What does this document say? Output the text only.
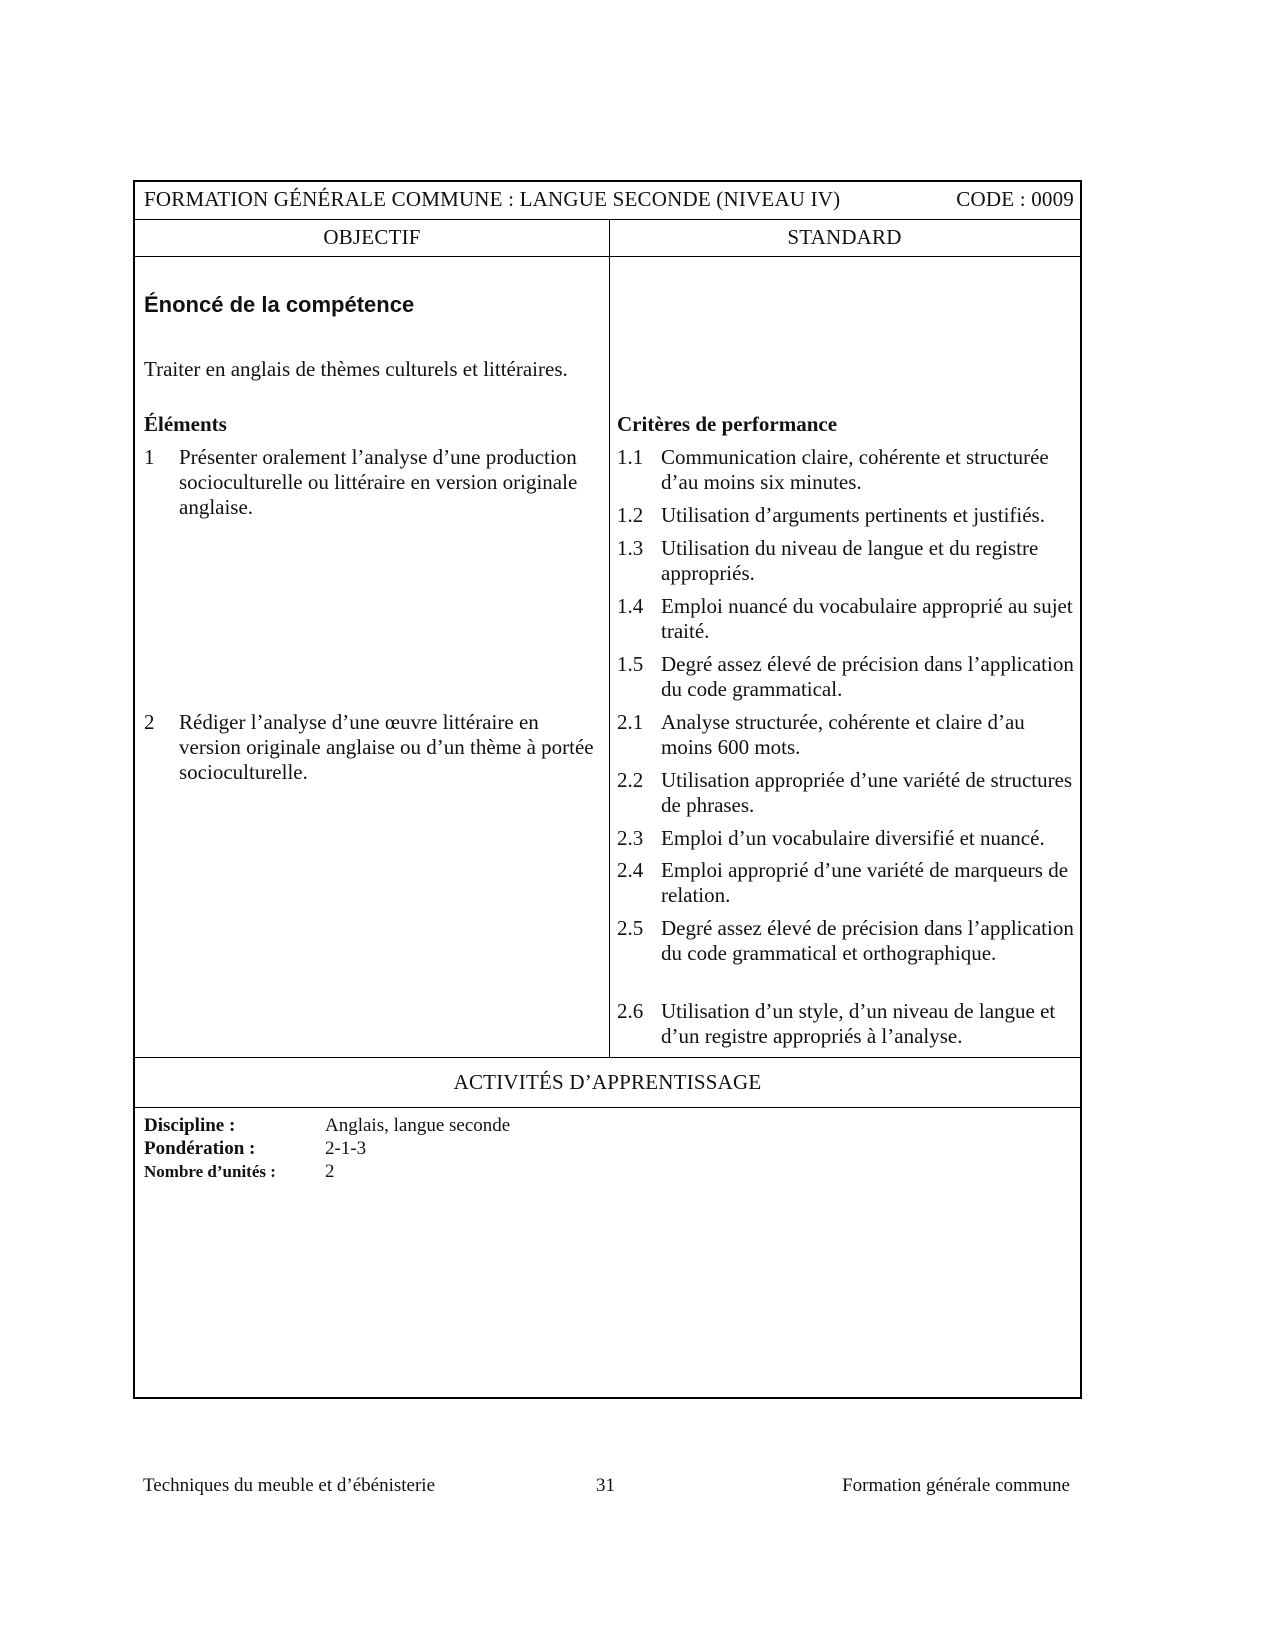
FORMATION GÉNÉRALE COMMUNE : LANGUE SECONDE (NIVEAU IV)	CODE : 0009
OBJECTIF	STANDARD
Énoncé de la compétence
Traiter en anglais de thèmes culturels et littéraires.
Éléments
1	Présenter oralement l’analyse d’une production socioculturelle ou littéraire en version originale anglaise.
2	Rédiger l’analyse d’une œuvre littéraire en version originale anglaise ou d’un thème à portée socioculturelle.
Critères de performance
1.1 Communication claire, cohérente et structurée d’au moins six minutes.
1.2 Utilisation d’arguments pertinents et justifiés.
1.3 Utilisation du niveau de langue et du registre appropriés.
1.4 Emploi nuancé du vocabulaire approprié au sujet traité.
1.5 Degré assez élevé de précision dans l’application du code grammatical.
2.1 Analyse structurée, cohérente et claire d’au moins 600 mots.
2.2 Utilisation appropriée d’une variété de structures de phrases.
2.3 Emploi d’un vocabulaire diversifié et nuancé.
2.4 Emploi approprié d’une variété de marqueurs de relation.
2.5 Degré assez élevé de précision dans l’application du code grammatical et orthographique.
2.6 Utilisation d’un style, d’un niveau de langue et d’un registre appropriés à l’analyse.
ACTIVITÉS D’APPRENTISSAGE
Discipline :	Anglais, langue seconde
Pondération :	2-1-3
Nombre d’unités :	2
Techniques du meuble et d’ébénisterie	31	Formation générale commune
